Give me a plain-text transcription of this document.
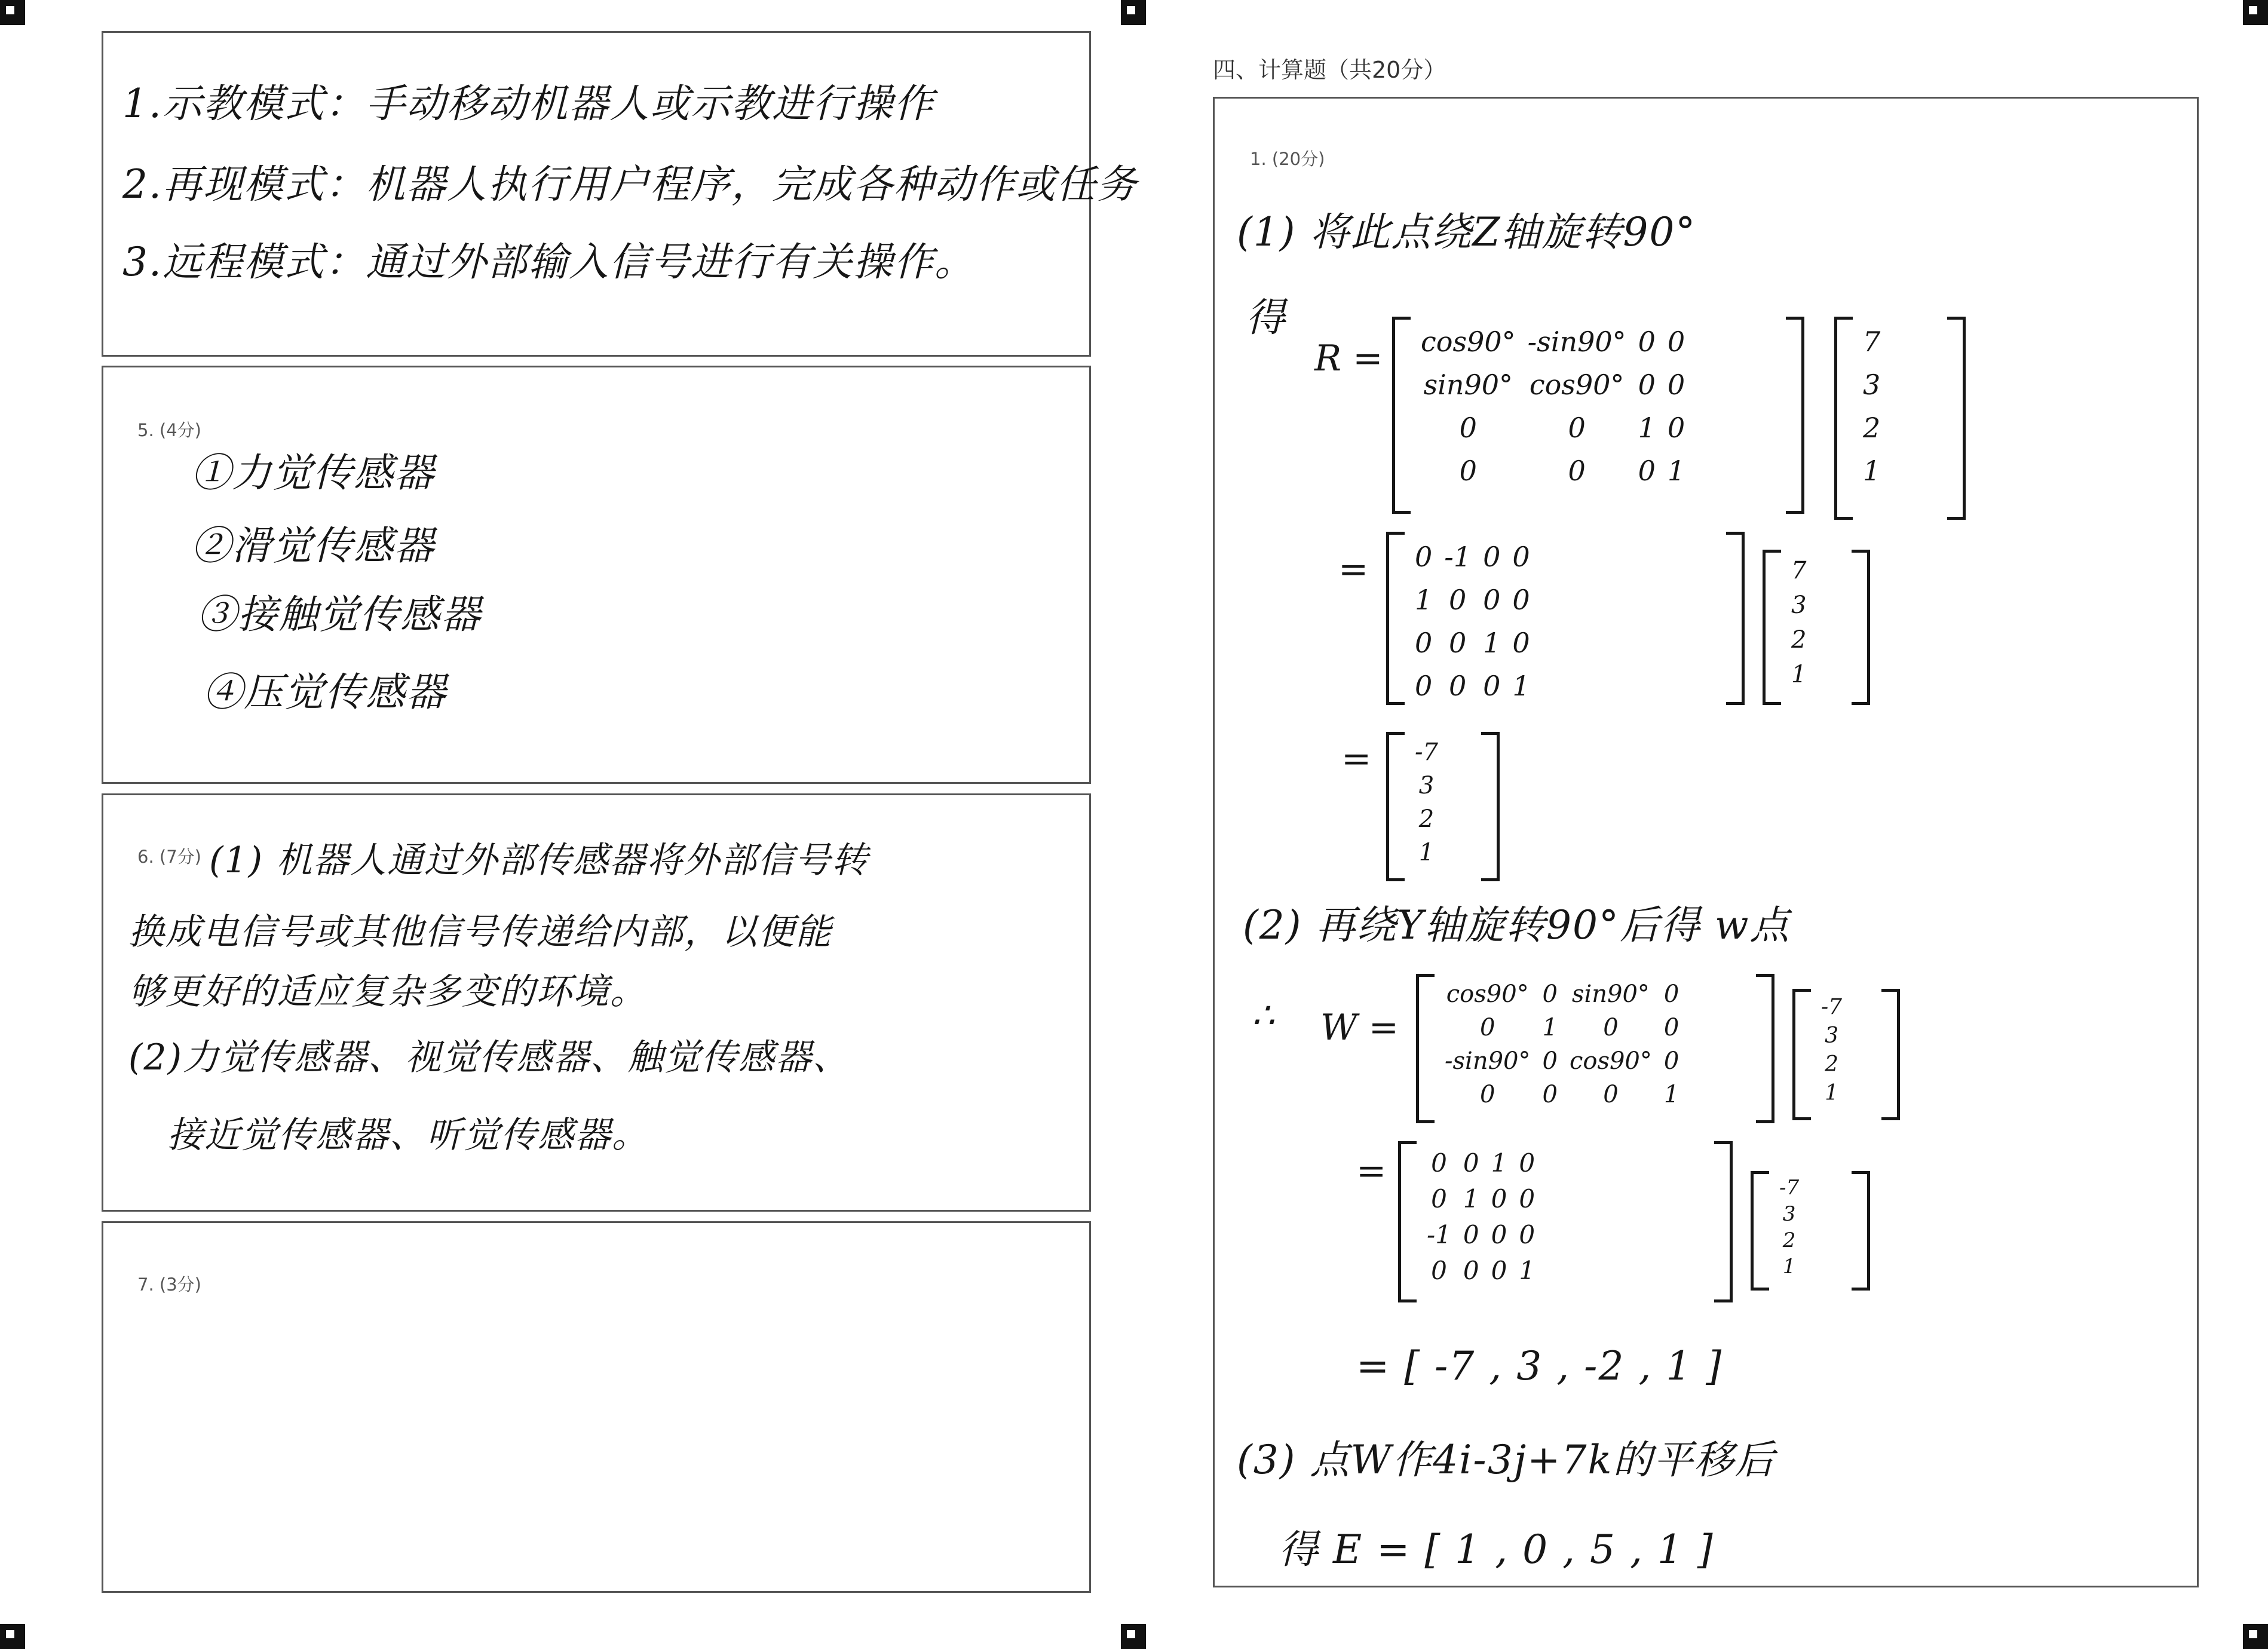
1.示教模式：手动移动机器人或示教进行操作
2.再现模式：机器人执行用户程序，完成各种动作或任务
3.远程模式：通过外部输入信号进行有关操作。
5. (4分)
①力觉传感器
②滑觉传感器
③接触觉传感器
④压觉传感器
6. (7分) (1) 机器人通过外部传感器将外部信号转
换成电信号或其他信号传递给内部，以便能
够更好的适应复杂多变的环境。
(2)力觉传感器、视觉传感器、触觉传感器、
接近觉传感器、听觉传感器。
7. (3分)
四、计算题（共20分）
1. (20分)
(1) 将此点绕Z轴旋转90°
得
R = cos90°	-sin90°	0	0
sin90°	cos90°	0	0
0	0	1	0
0	0	0	1
7
3
2
1
= 0	-1	0	0
1	0	0	0
0	0	1	0
0	0	0	1
7
3
2
1
= -7
3
2
1
(2) 再绕Y轴旋转90°后得 w点
∴ W =
cos90°	0	sin90°	0
0	1	0	0
-sin90°	0	cos90°	0
0	0	0	1
-7
3
2
1
= 0	0	1	0
0	1	0	0
-1	0	0	0
0	0	0	1
-7
3
2
1
= [ -7 , 3 , -2 , 1 ]
(3) 点W作4i-3j+7k的平移后
得 E = [ 1 , 0 , 5 , 1 ]
